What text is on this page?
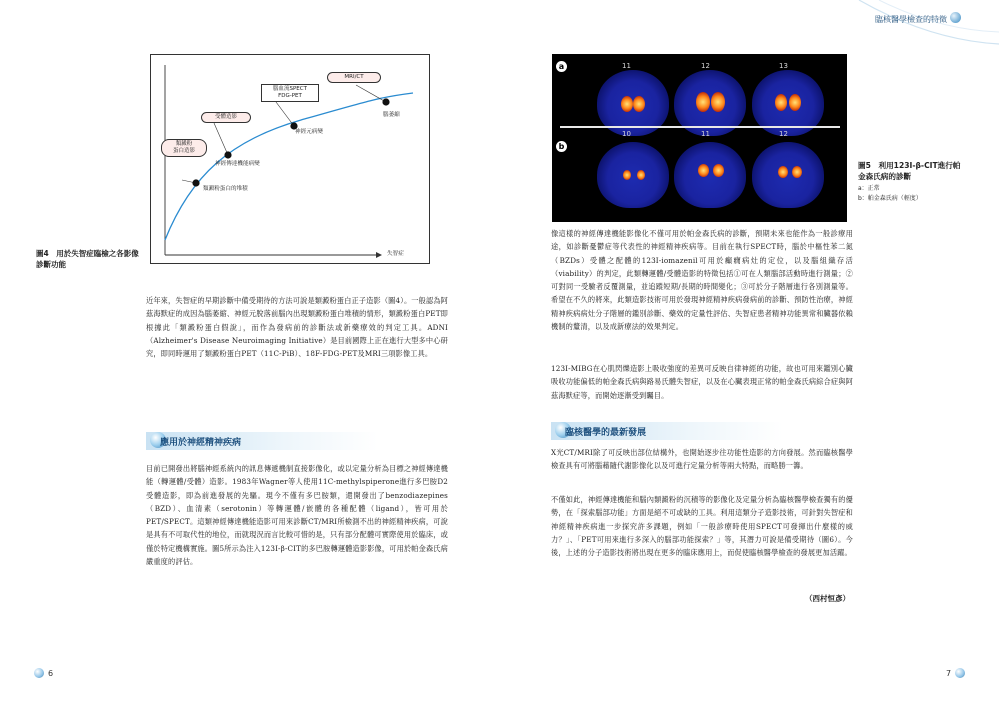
臨核醫學檢查的特徵
類澱粉
蛋白造影
受體造影
腦血流SPECT
FDG-PET
MRI/CT
類澱粉蛋白的堆積
神經傳達機能病變
神經元病變
腦萎縮
失智症
圖4　用於失智症臨檢之各影像診斷功能
近年來，失智症的早期診斷中備受期待的方法可說是類澱粉蛋白正子造影（圖4）。一般認為阿茲海默症的成因為腦萎縮、神經元脫落前腦內出現類澱粉蛋白堆積的情形，類澱粉蛋白PET即根據此「類澱粉蛋白假說」，而作為發病前的診斷法或新藥療效的判定工具。ADNI（Alzheimer's Disease Neuroimaging Initiative）是目前國際上正在進行大型多中心研究，即同時運用了類澱粉蛋白PET（11C-PiB）、18F-FDG-PET及MRI三項影像工具。
應用於神經精神疾病
目前已開發出將腦神經系統內的訊息傳遞機制直接影像化，或以定量分析為目標之神經傳達機能（轉運體/受體）造影。1983年Wagner等人使用11C-methylspiperone進行多巴胺D2受體造影，即為前進發展的先驅。現今不僅有多巴胺類，還開發出了benzodiazepines（BZD）、血清素（serotonin）等轉運體/嵌體的各種配體（ligand），皆可用於PET/SPECT。這類神經傳達機能造影可用來診斷CT/MRI所檢測不出的神經精神疾病，可說是具有不可取代性的地位，而就現況而言比較可惜的是，只有部分配體可實際使用於臨床，或僅於特定機構實施。圖5所示為注入123I-β-CIT的多巴胺轉運體造影影像，可用於帕金森氏病嚴重度的評估。
a	11	12	13
b
10	11	12
圖5　利用123I-β-CIT進行帕金森氏病的診斷
a：正常
b：帕金森氏病（輕度）
像這樣的神經傳達機能影像化不僅可用於帕金森氏病的診斷，預期未來也能作為一般診療用途，如診斷憂鬱症等代表性的神經精神疾病等。目前在執行SPECT時，腦於中樞性苯二氮（BZDs）受體之配體的123I-iomazenil可用於癲癇病灶的定位，以及腦組織存活（viability）的判定，此類轉運體/受體造影的特徵包括①可在人類腦部活動時進行測量；②可對同一受驗者反覆測量，並追蹤短期/長期的時間變化；③可於分子階層進行各別測量等。希望在不久的將來，此類造影技術可用於發現神經精神疾病發病前的診斷、預防性治療，神經精神疾病病灶分子階層的鑑別診斷、藥效的定量性評估、失智症患者精神功能異常和臟器依賴機制的釐清，以及成新療法的效果判定。
123I-MIBG在心肌閃爍造影上吸收強度的差異可反映自律神經的功能，故也可用來鑑別心臟吸收功能偏低的帕金森氏病與路易氏體失智症，以及在心臟表現正常的帕金森氏病綜合症與阿茲海默症等，而開始逐漸受到矚目。
臨核醫學的最新發展
X光CT/MRI除了可反映出部位結構外，也開始逐步往功能性造影的方向發展。然而臨核醫學檢查具有可將腦藉隨代謝影像化以及可進行定量分析等兩大特點，而略勝一籌。
不僅如此，神經傳達機能和腦內類澱粉的沉積等的影像化及定量分析為臨核醫學檢查獨有的優勢，在「探索腦部功能」方面是絕不可或缺的工具。利用這類分子造影技術，可針對失智症和神經精神疾病進一步探究許多課題，例如「一般診療時使用SPECT可發揮出什麼樣的威力？」、「PET可用來進行多深入的腦部功能探索？」等，其潛力可說是備受期待（圖6）。今後，上述的分子造影技術將出現在更多的臨床應用上，而促使臨核醫學檢查的發展更加活躍。
（西村恒彥）
6	7
